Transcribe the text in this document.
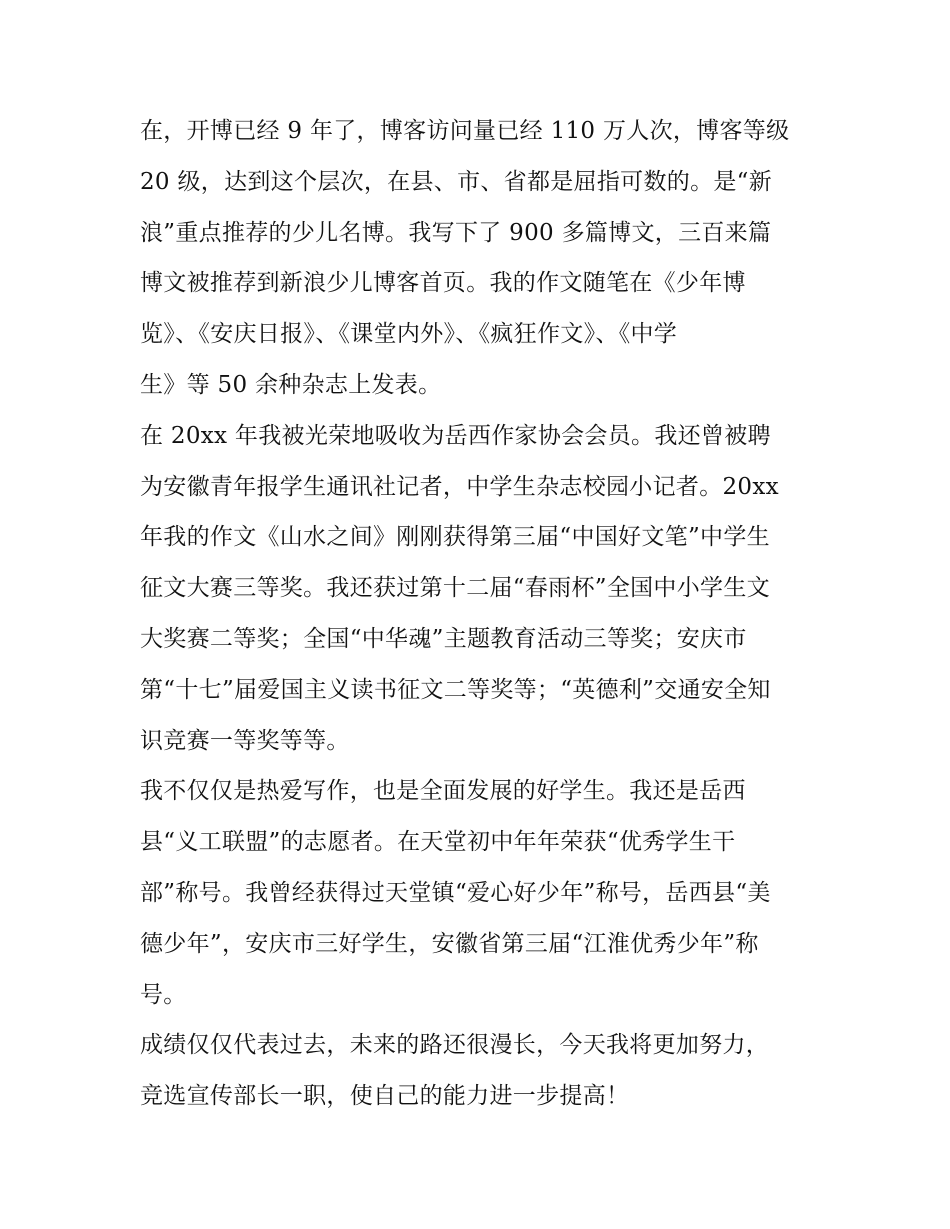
在，开博已经 9 年了，博客访问量已经 110 万人次，博客等级
20 级，达到这个层次，在县、市、省都是屈指可数的。是“新
浪”重点推荐的少儿名博。我写下了 900 多篇博文，三百来篇
博文被推荐到新浪少儿博客首页。我的作文随笔在《少年博
览》、《安庆日报》、《课堂内外》、《疯狂作文》、《中学
生》等 50 余种杂志上发表。
在 20xx 年我被光荣地吸收为岳西作家协会会员。我还曾被聘
为安徽青年报学生通讯社记者，中学生杂志校园小记者。20xx
年我的作文《山水之间》刚刚获得第三届“中国好文笔”中学生
征文大赛三等奖。我还获过第十二届“春雨杯”全国中小学生文
大奖赛二等奖；全国“中华魂”主题教育活动三等奖；安庆市
第“十七”届爱国主义读书征文二等奖等；“英德利”交通安全知
识竞赛一等奖等等。
我不仅仅是热爱写作，也是全面发展的好学生。我还是岳西
县“义工联盟”的志愿者。在天堂初中年年荣获“优秀学生干
部”称号。我曾经获得过天堂镇“爱心好少年”称号，岳西县“美
德少年”，安庆市三好学生，安徽省第三届“江淮优秀少年”称
号。
成绩仅仅代表过去，未来的路还很漫长，今天我将更加努力，
竞选宣传部长一职，使自己的能力进一步提高！
